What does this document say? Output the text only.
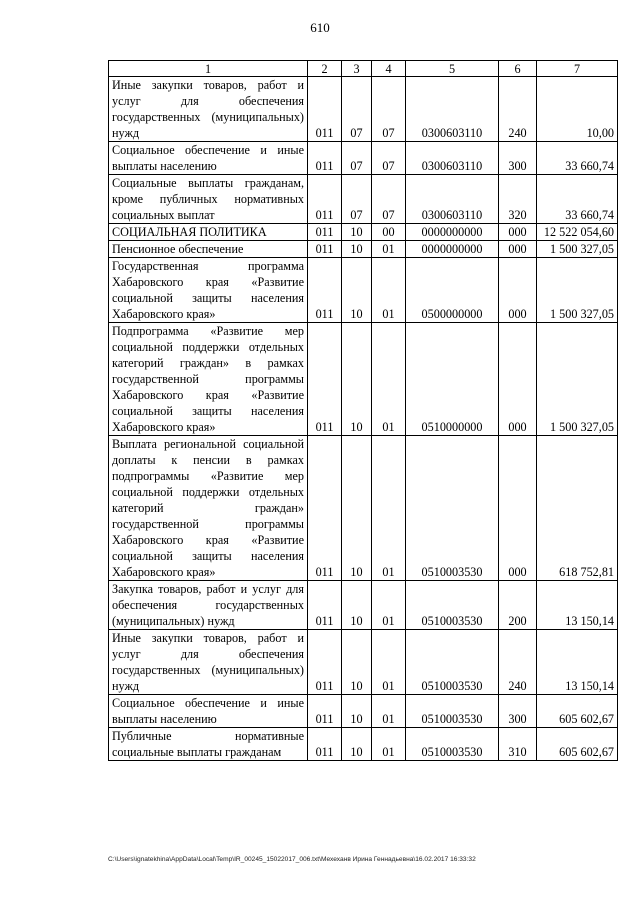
610
1	2	3	4	5	6	7
Иные закупки товаров, работ и услуг для обеспечения государственных (муниципальных) нужд	011	07	07	0300603110	240	10,00
Социальное обеспечение и иные выплаты населению	011	07	07	0300603110	300	33 660,74
Социальные выплаты гражданам, кроме публичных нормативных социальных выплат	011	07	07	0300603110	320	33 660,74
СОЦИАЛЬНАЯ ПОЛИТИКА	011	10	00	0000000000	000	12 522 054,60
Пенсионное обеспечение	011	10	01	0000000000	000	1 500 327,05
Государственная программа Хабаровского края «Развитие социальной защиты населения Хабаровского края»	011	10	01	0500000000	000	1 500 327,05
Подпрограмма «Развитие мер социальной поддержки отдельных категорий граждан» в рамках государственной программы Хабаровского края «Развитие социальной защиты населения Хабаровского края»	011	10	01	0510000000	000	1 500 327,05
Выплата региональной социальной доплаты к пенсии в рамках подпрограммы «Развитие мер социальной поддержки отдельных категорий граждан» государственной программы Хабаровского края «Развитие социальной защиты населения Хабаровского края»	011	10	01	0510003530	000	618 752,81
Закупка товаров, работ и услуг для обеспечения государственных (муниципальных) нужд	011	10	01	0510003530	200	13 150,14
Иные закупки товаров, работ и услуг для обеспечения государственных (муниципальных) нужд	011	10	01	0510003530	240	13 150,14
Социальное обеспечение и иные выплаты населению	011	10	01	0510003530	300	605 602,67
Публичные нормативные социальные выплаты гражданам	011	10	01	0510003530	310	605 602,67
C:\Users\ignatekhina\AppData\Local\Temp\IR_00245_15022017_006.txt\Мехеханв Ирина Геннадьевна\16.02.2017 16:33:32
